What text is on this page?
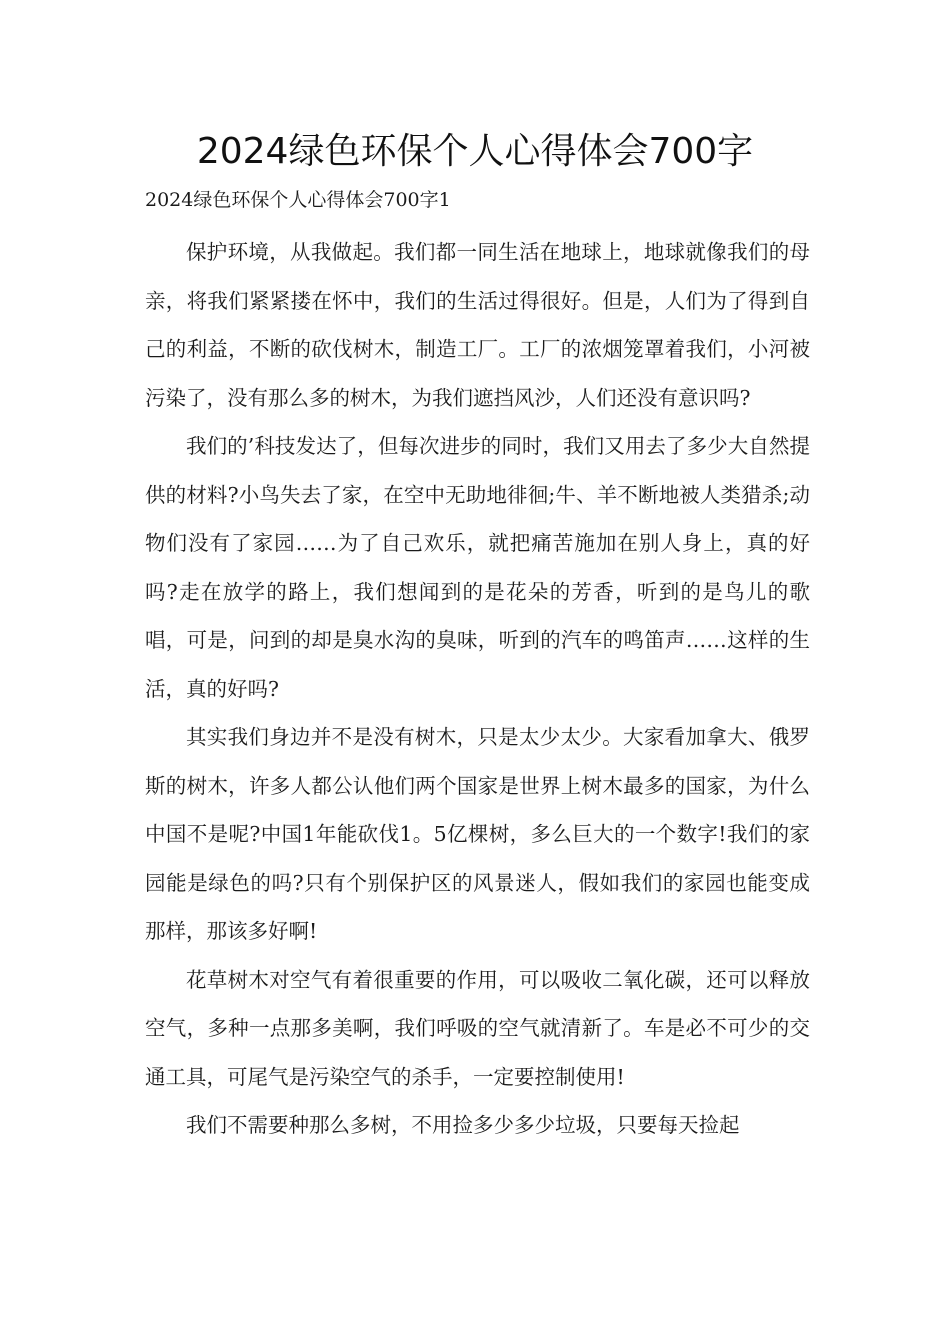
2024绿色环保个人心得体会700字
2024绿色环保个人心得体会700字1

保护环境，从我做起。我们都一同生活在地球上，地球就像我们的母亲，将我们紧紧搂在怀中，我们的生活过得很好。但是，人们为了得到自己的利益，不断的砍伐树木，制造工厂。工厂的浓烟笼罩着我们，小河被污染了，没有那么多的树木，为我们遮挡风沙，人们还没有意识吗?

我们的’科技发达了，但每次进步的同时，我们又用去了多少大自然提供的材料?小鸟失去了家，在空中无助地徘徊;牛、羊不断地被人类猎杀;动物们没有了家园……为了自己欢乐，就把痛苦施加在别人身上，真的好吗?走在放学的路上，我们想闻到的是花朵的芳香，听到的是鸟儿的歌唱，可是，问到的却是臭水沟的臭味，听到的汽车的鸣笛声……这样的生活，真的好吗?

其实我们身边并不是没有树木，只是太少太少。大家看加拿大、俄罗斯的树木，许多人都公认他们两个国家是世界上树木最多的国家，为什么中国不是呢?中国1年能砍伐1。5亿棵树，多么巨大的一个数字!我们的家园能是绿色的吗?只有个别保护区的风景迷人，假如我们的家园也能变成那样，那该多好啊!

花草树木对空气有着很重要的作用，可以吸收二氧化碳，还可以释放空气，多种一点那多美啊，我们呼吸的空气就清新了。车是必不可少的交通工具，可尾气是污染空气的杀手，一定要控制使用!

我们不需要种那么多树，不用捡多少多少垃圾，只要每天捡起
